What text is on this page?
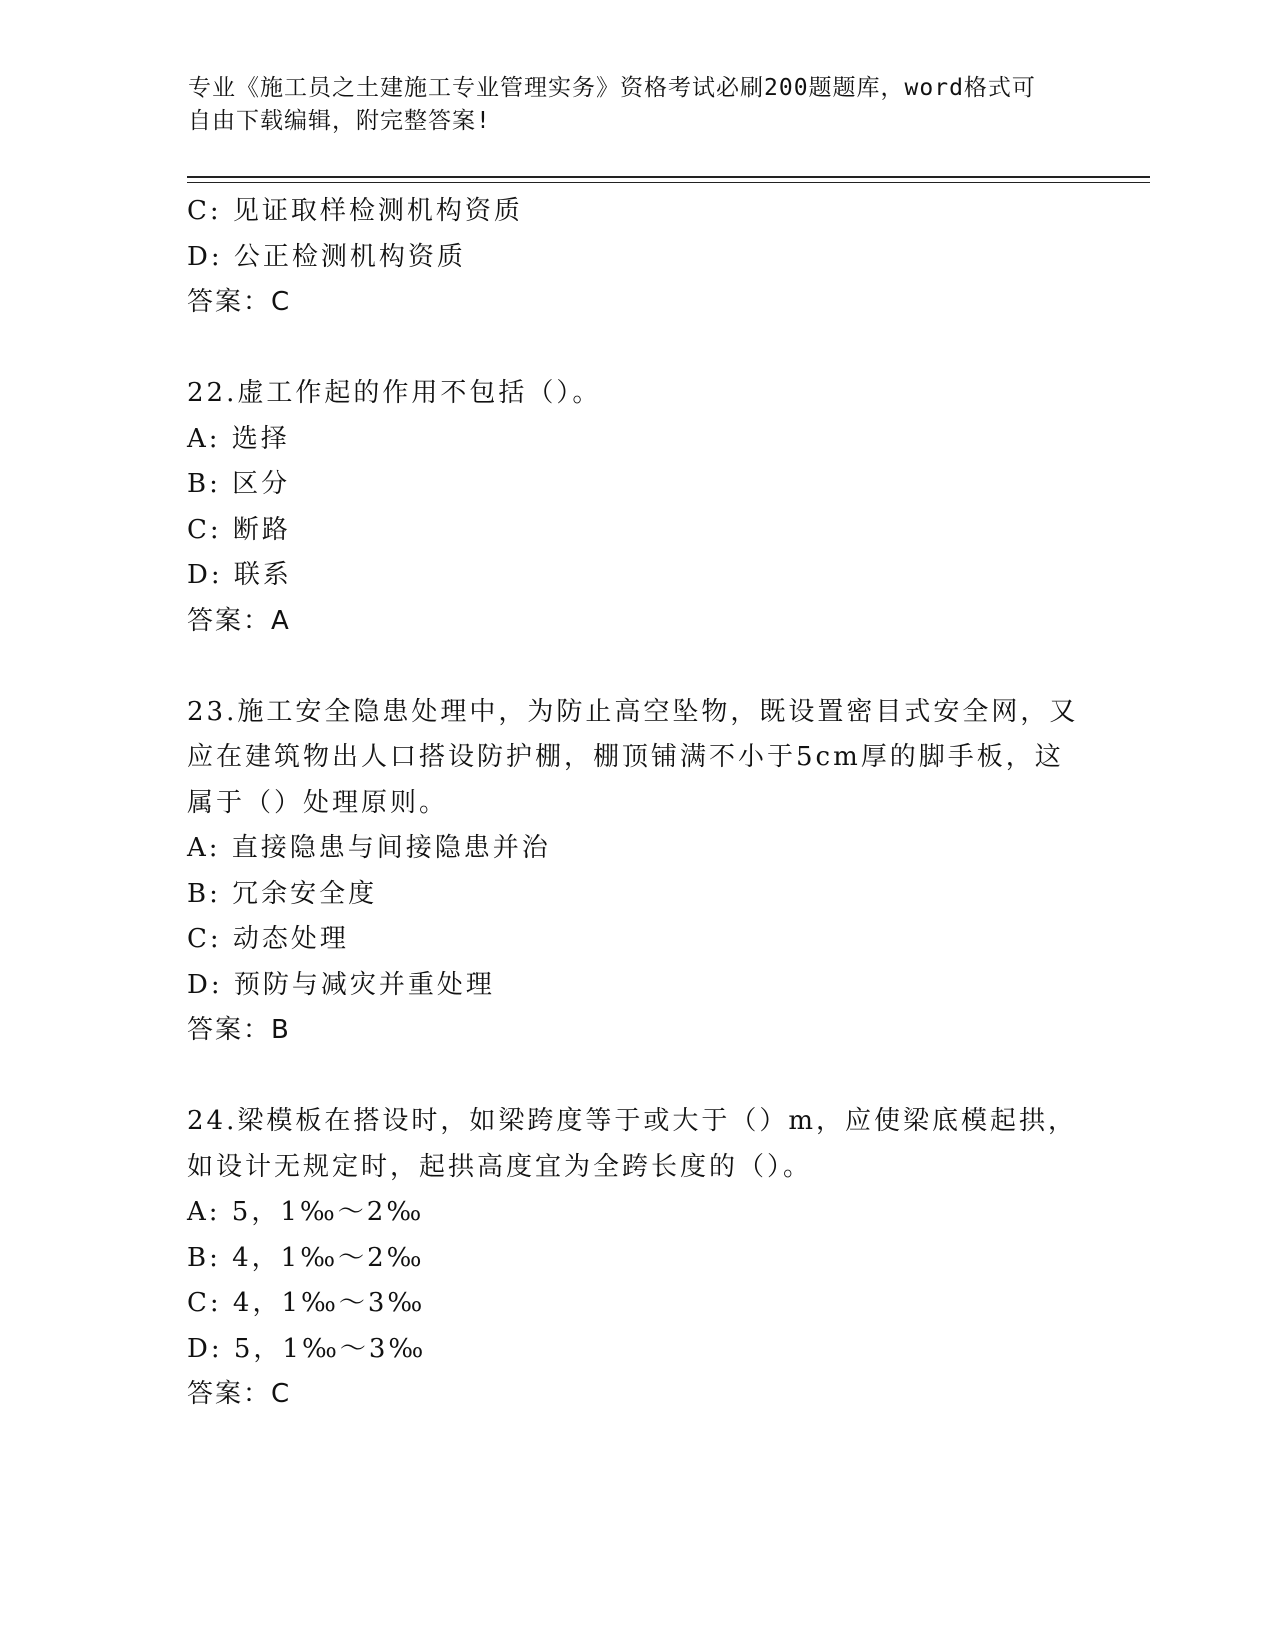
专业《施工员之土建施工专业管理实务》资格考试必刷200题题库，word格式可
自由下载编辑，附完整答案!
C: 见证取样检测机构资质
D: 公正检测机构资质
答案：C
22.虚工作起的作用不包括（）。
A: 选择
B: 区分
C: 断路
D: 联系
答案：A
23.施工安全隐患处理中，为防止高空坠物，既设置密目式安全网，又
应在建筑物出人口搭设防护棚，棚顶铺满不小于5cm厚的脚手板，这
属于（）处理原则。
A: 直接隐患与间接隐患并治
B: 冗余安全度
C: 动态处理
D: 预防与减灾并重处理
答案：B
24.梁模板在搭设时，如梁跨度等于或大于（）m，应使梁底模起拱，
如设计无规定时，起拱高度宜为全跨长度的（）。
A: 5，1‰～2‰
B: 4，1‰～2‰
C: 4，1‰～3‰
D: 5，1‰～3‰
答案：C
